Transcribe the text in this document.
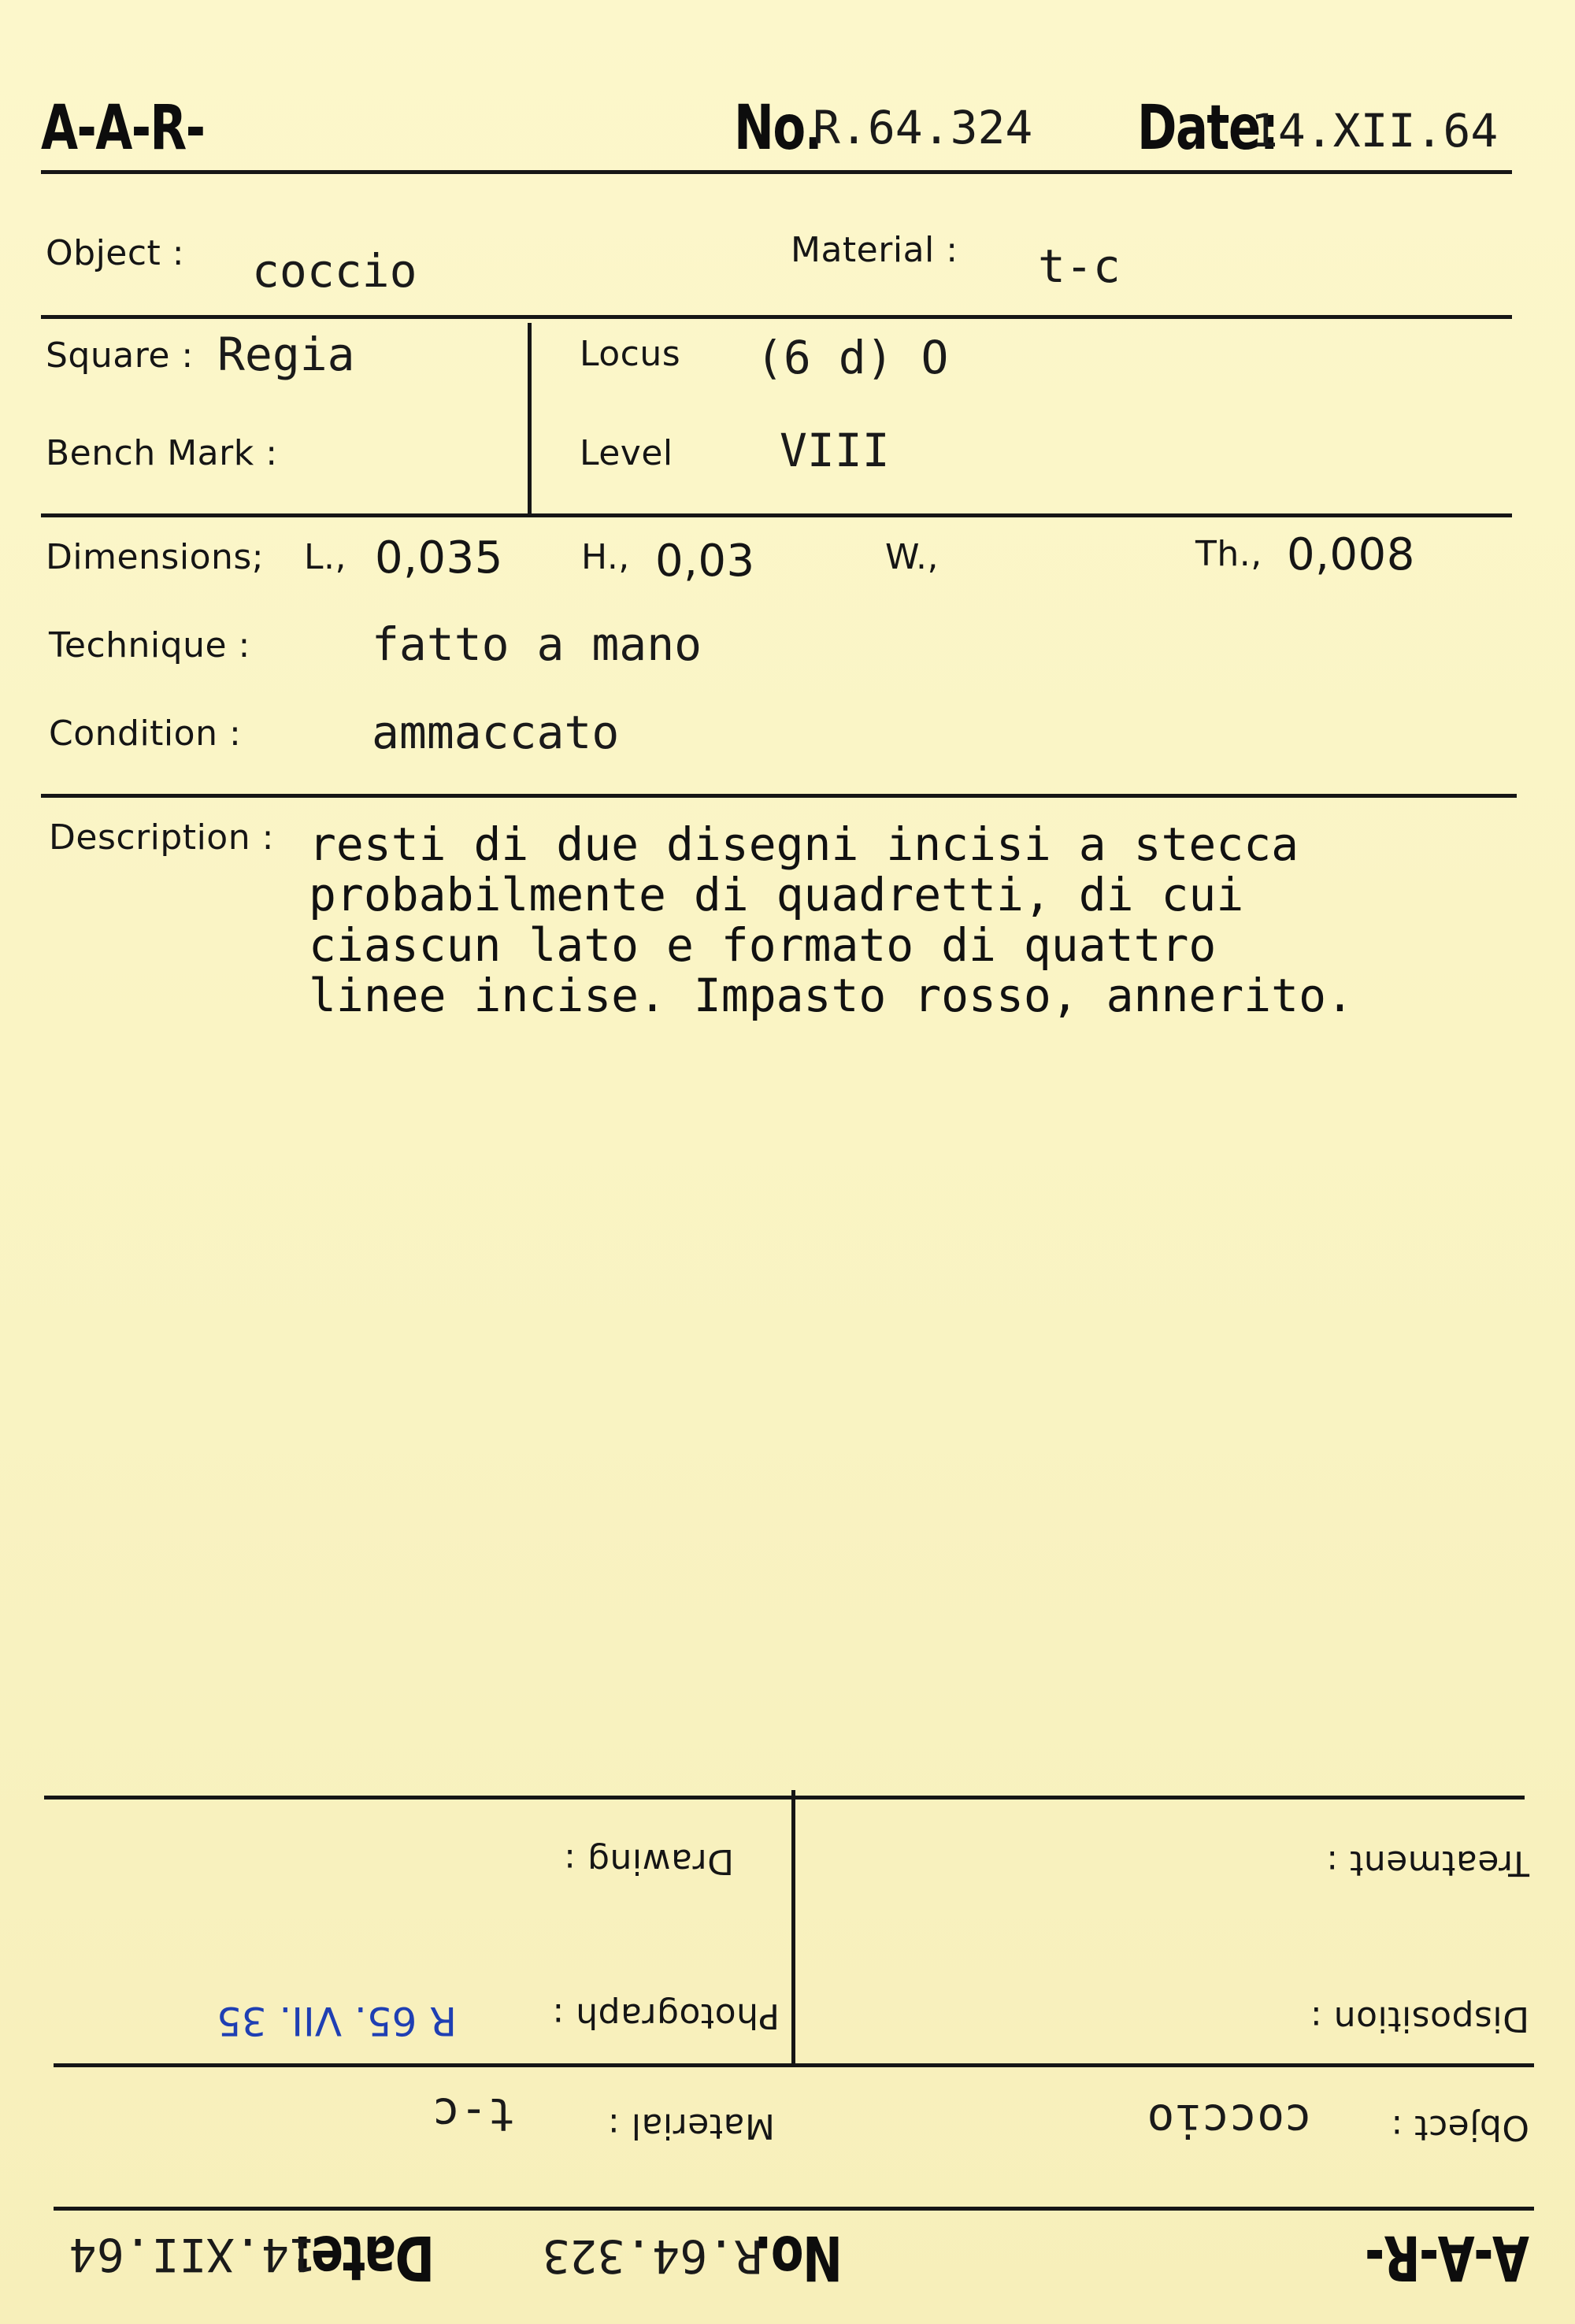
A-A-R-	No.
R.64.324 Date:
14.XII.64
Object : coccio	Material : t-c
Square : Regia	Locus (6 d) O
Bench Mark :	Level VIII
Dimensions; L., 0,035 H., 0,03	W.,	Th., 0,008
Technique :	fatto a mano
Condition :	ammaccato
Description : resti di due disegni incisi a stecca
probabilmente di quadretti, di cui
ciascun lato e formato di quattro
linee incise. Impasto rosso, annerito.
A-A-R-
No.
R.64.323
Date:
14.XII.64
Object :
coccio
Material :
t-c
Disposition :
Photograph :
R 65. VII. 35
Treatment :
Drawing :
